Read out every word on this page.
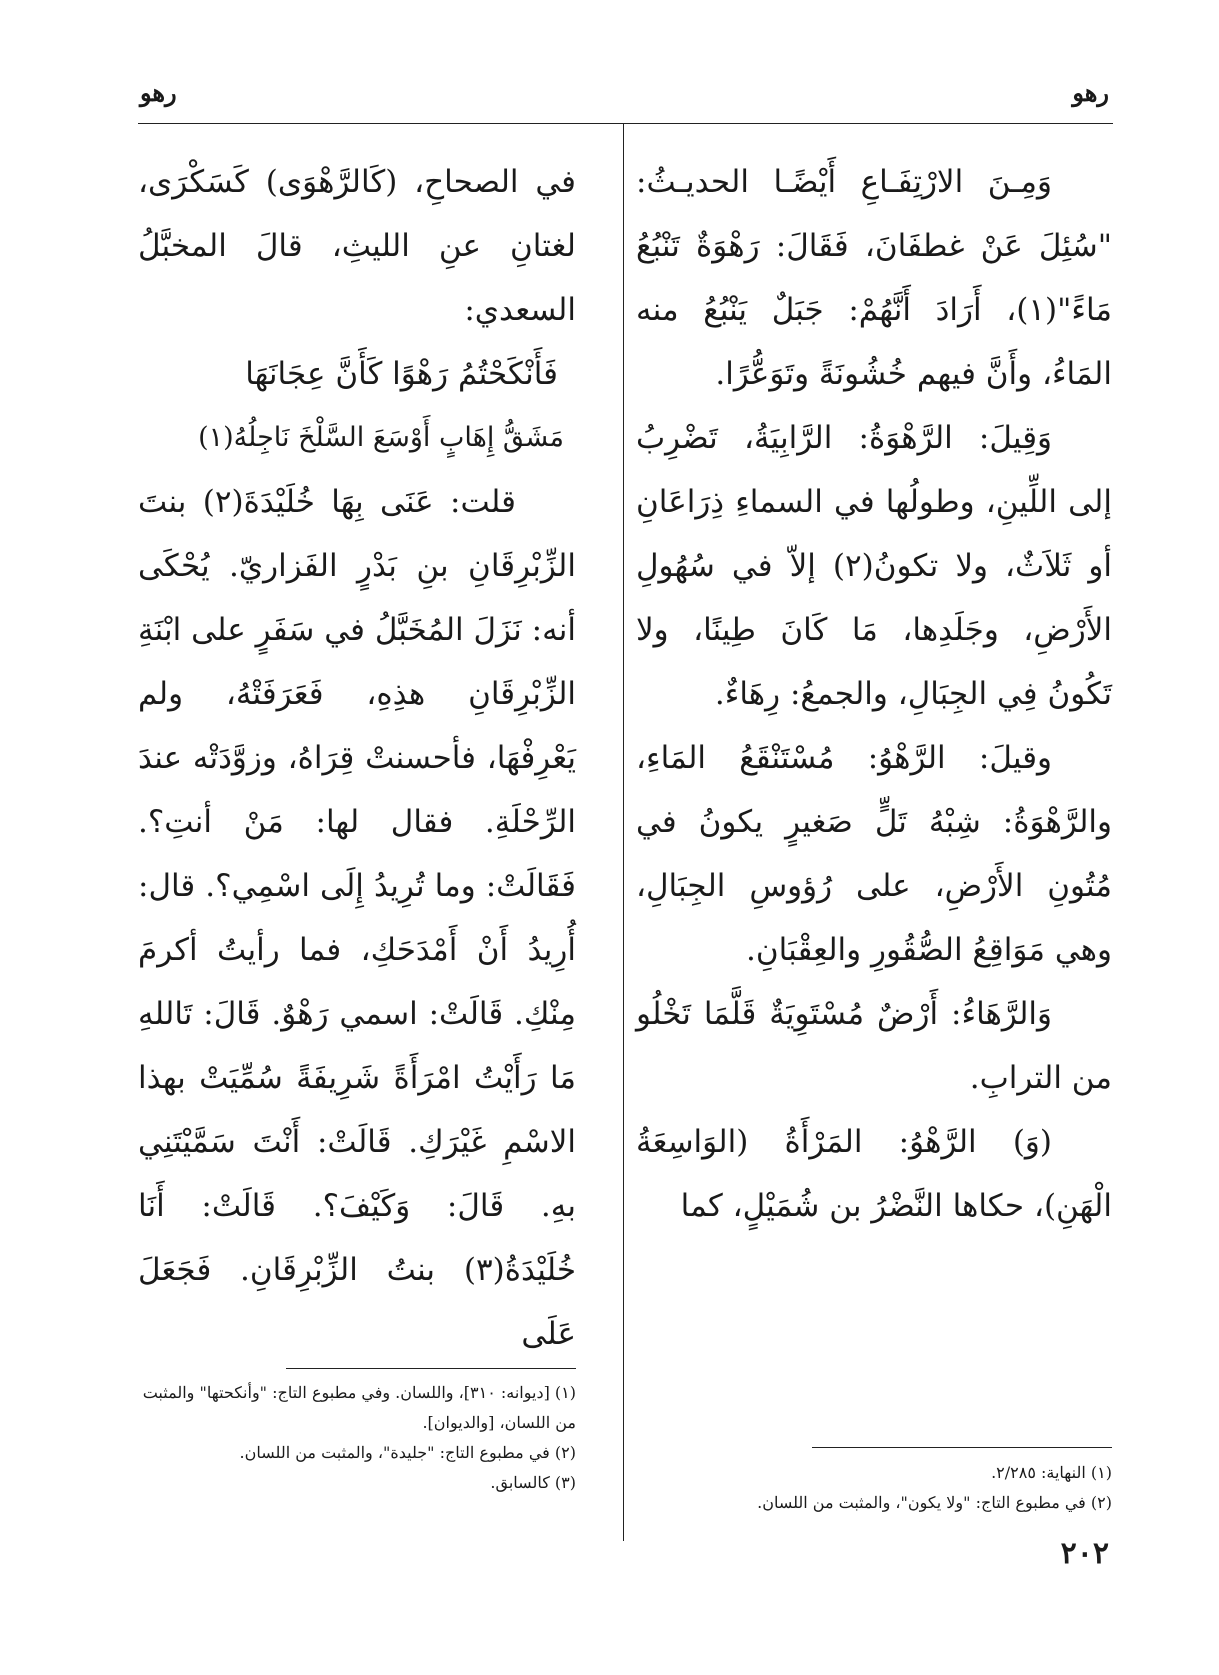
رهو
رهو

وَمِـنَ الارْتِفَـاعِ أَيْضًـا الحديـثُ: "سُئِلَ عَنْ غطفَانَ، فَقَالَ: رَهْوَةٌ تَنْبُعُ مَاءً"(١)، أَرَادَ أَنَّهُمْ: جَبَلٌ يَنْبُعُ منه المَاءُ، وأَنَّ فيهم خُشُونَةً وتَوَعُّرًا.

وَقِيلَ: الرَّهْوَةُ: الرَّابِيَةُ، تَضْرِبُ إلى اللِّينِ، وطولُها في السماءِ ذِرَاعَانِ أو ثَلاَثٌ، ولا تكونُ(٢) إلاّ في سُهُولِ الأَرْضِ، وجَلَدِها، مَا كَانَ طِينًا، ولا تَكُونُ فِي الجِبَالِ، والجمعُ: رِهَاءٌ.

وقيلَ: الرَّهْوُ: مُسْتَنْقَعُ المَاءِ، والرَّهْوَةُ: شِبْهُ تَلٍّ صَغيرٍ يكونُ في مُتُونِ الأَرْضِ، على رُؤوسِ الجِبَالِ، وهي مَوَاقِعُ الصُّقُورِ والعِقْبَانِ.

وَالرَّهَاءُ: أَرْضٌ مُسْتَوِيَةٌ قَلَّمَا تَخْلُو من الترابِ.

(وَ) الرَّهْوُ: المَرْأَةُ (الوَاسِعَةُ الْهَنِ)، حكاها النَّضْرُ بن شُمَيْلٍ، كما

في الصحاحِ، (كَالرَّهْوَى) كَسَكْرَى، لغتانِ عنِ الليثِ، قالَ المخبَّلُ السعدي:

فَأَنْكَحْتُمُ رَهْوًا كَأَنَّ عِجَانَهَا

مَشَقُّ إِهَابٍ أَوْسَعَ السَّلْخَ نَاجِلُهُ(١)

قلت: عَنَى بِهَا خُلَيْدَةَ(٢) بنتَ الزِّبْرِقَانِ بنِ بَدْرٍ الفَزاريّ. يُحْكَى أنه: نَزَلَ المُخَبَّلُ في سَفَرٍ على ابْنَةِ الزِّبْرِقَانِ هذِهِ، فَعَرَفَتْهُ، ولم يَعْرِفْهَا، فأحسنتْ قِرَاهُ، وزوَّدَتْه عندَ الرِّحْلَةِ. فقال لها: مَنْ أنتِ؟. فَقَالَتْ: وما تُرِيدُ إِلَى اسْمِي؟. قال: أُرِيدُ أَنْ أَمْدَحَكِ، فما رأيتُ أكرمَ مِنْكِ. قَالَتْ: اسمي رَهْوٌ. قَالَ: تَاللهِ مَا رَأَيْتُ امْرَأَةً شَرِيفَةً سُمِّيَتْ بهذا الاسْمِ غَيْرَكِ. قَالَتْ: أَنْتَ سَمَّيْتَنِي بهِ. قَالَ: وَكَيْفَ؟. قَالَتْ: أَنَا خُلَيْدَةُ(٣) بنتُ الزِّبْرِقَانِ. فَجَعَلَ عَلَى

(١) النهاية: ٢/٢٨٥.
(٢) في مطبوع التاج: "ولا يكون"، والمثبت من اللسان.
(١) [ديوانه: ٣١٠]، واللسان. وفي مطبوع التاج: "وأنكحتها" والمثبت من اللسان، [والديوان].
(٢) في مطبوع التاج: "جليدة"، والمثبت من اللسان.
(٣) كالسابق.
٢٠٢
